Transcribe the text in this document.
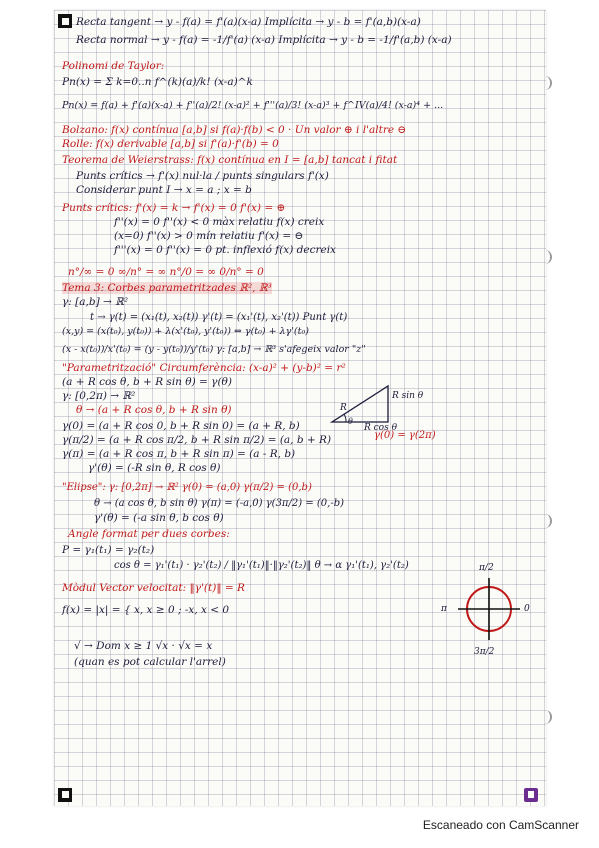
Recta tangent → y - f(a) = f'(a)(x-a) Implícita → y - b = f'(a,b)(x-a)
Recta normal → y - f(a) = -1/f'(a) (x-a) Implícita → y - b = -1/f'(a,b) (x-a)
Polinomi de Taylor:
Pn(x) = Σ k=0..n f^(k)(a)/k! (x-a)^k
Pn(x) = f(a) + f'(a)(x-a) + f''(a)/2! (x-a)² + f'''(a)/3! (x-a)³ + f^IV(a)/4! (x-a)⁴ + ...
Bolzano: f(x) contínua [a,b] si f(a)·f(b) < 0 · Un valor ⊕ i l'altre ⊖
Rolle: f(x) derivable [a,b] si f'(a)·f'(b) = 0
Teorema de Weierstrass: f(x) contínua en I = [a,b] tancat i fitat
Punts crítics → f'(x) nul·la / punts singulars f'(x)
Considerar punt I → x = a ; x = b
Punts crítics: f'(x) = k → f'(x) = 0 f'(x) = ⊕
f''(x) = 0 f''(x) < 0 màx relatiu f(x) creix
(x=0) f''(x) > 0 mín relatiu f'(x) = ⊖
f'''(x) = 0 f''(x) = 0 pt. inflexió f(x) decreix
n°/∞ = 0 ∞/n° = ∞ n°/0 = ∞ 0/n° = 0
Tema 3: Corbes parametritzades ℝ², ℝ³
γ: [a,b] → ℝ²
t → γ(t) = (x₁(t), x₂(t)) γ'(t) = (x₁'(t), x₂'(t)) Punt γ(t)
(x,y) = (x(t₀), y(t₀)) + λ(x'(t₀), y'(t₀)) ⇔ γ(t₀) + λγ'(t₀)
(x - x(t₀))/x'(t₀) = (y - y(t₀))/y'(t₀) γ: [a,b] → ℝ³ s'afegeix valor "z"
"Parametrització" Circumferència: (x-a)² + (y-b)² = r²
(a + R cos θ, b + R sin θ) = γ(θ)
γ: [0,2π) → ℝ²
θ → (a + R cos θ, b + R sin θ)
γ(0) = (a + R cos 0, b + R sin 0) = (a + R, b)
γ(π/2) = (a + R cos π/2, b + R sin π/2) = (a, b + R)
γ(π) = (a + R cos π, b + R sin π) = (a - R, b)
γ'(θ) = (-R sin θ, R cos θ)
"Elipse": γ: [0,2π] → ℝ² γ(0) = (a,0) γ(π/2) = (0,b)
θ → (a cos θ, b sin θ) γ(π) = (-a,0) γ(3π/2) = (0,-b)
γ'(θ) = (-a sin θ, b cos θ)
Angle format per dues corbes:
P = γ₁(t₁) = γ₂(t₂)
cos θ = γ₁'(t₁) · γ₂'(t₂) / ‖γ₁'(t₁)‖·‖γ₂'(t₂)‖ θ → α γ₁'(t₁), γ₂'(t₂)
Mòdul Vector velocitat: ‖γ'(t)‖ = R
f(x) = |x| = { x, x ≥ 0 ; -x, x < 0
√ → Dom x ≥ 1 √x · √x = x
(quan es pot calcular l'arrel)
γ(0) = γ(2π)
R
R sin θ
R cos θ
θ
π/2
π	0
3π/2
Escaneado con CamScanner
